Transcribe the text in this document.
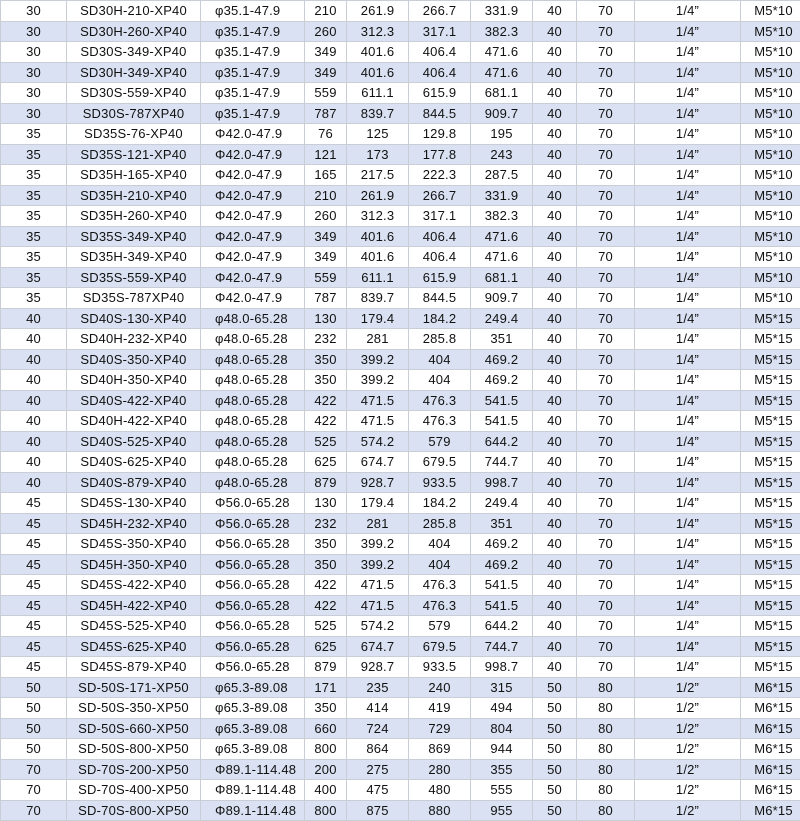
30	SD30H-210-XP40	φ35.1-47.9	210	261.9	266.7	331.9	40	70	1/4”	M5*10	
30	SD30H-260-XP40	φ35.1-47.9	260	312.3	317.1	382.3	40	70	1/4”	M5*10	
30	SD30S-349-XP40	φ35.1-47.9	349	401.6	406.4	471.6	40	70	1/4”	M5*10	
30	SD30H-349-XP40	φ35.1-47.9	349	401.6	406.4	471.6	40	70	1/4”	M5*10	
30	SD30S-559-XP40	φ35.1-47.9	559	611.1	615.9	681.1	40	70	1/4”	M5*10	
30	SD30S-787XP40	φ35.1-47.9	787	839.7	844.5	909.7	40	70	1/4”	M5*10	
35	SD35S-76-XP40	Φ42.0-47.9	76	125	129.8	195	40	70	1/4”	M5*10	
35	SD35S-121-XP40	Φ42.0-47.9	121	173	177.8	243	40	70	1/4”	M5*10	
35	SD35H-165-XP40	Φ42.0-47.9	165	217.5	222.3	287.5	40	70	1/4”	M5*10	
35	SD35H-210-XP40	Φ42.0-47.9	210	261.9	266.7	331.9	40	70	1/4”	M5*10	
35	SD35H-260-XP40	Φ42.0-47.9	260	312.3	317.1	382.3	40	70	1/4”	M5*10	
35	SD35S-349-XP40	Φ42.0-47.9	349	401.6	406.4	471.6	40	70	1/4”	M5*10	
35	SD35H-349-XP40	Φ42.0-47.9	349	401.6	406.4	471.6	40	70	1/4”	M5*10	
35	SD35S-559-XP40	Φ42.0-47.9	559	611.1	615.9	681.1	40	70	1/4”	M5*10	
35	SD35S-787XP40	Φ42.0-47.9	787	839.7	844.5	909.7	40	70	1/4”	M5*10	
40	SD40S-130-XP40	φ48.0-65.28	130	179.4	184.2	249.4	40	70	1/4”	M5*15	
40	SD40H-232-XP40	φ48.0-65.28	232	281	285.8	351	40	70	1/4”	M5*15	
40	SD40S-350-XP40	φ48.0-65.28	350	399.2	404	469.2	40	70	1/4”	M5*15	
40	SD40H-350-XP40	φ48.0-65.28	350	399.2	404	469.2	40	70	1/4”	M5*15	
40	SD40S-422-XP40	φ48.0-65.28	422	471.5	476.3	541.5	40	70	1/4”	M5*15	
40	SD40H-422-XP40	φ48.0-65.28	422	471.5	476.3	541.5	40	70	1/4”	M5*15	
40	SD40S-525-XP40	φ48.0-65.28	525	574.2	579	644.2	40	70	1/4”	M5*15	
40	SD40S-625-XP40	φ48.0-65.28	625	674.7	679.5	744.7	40	70	1/4”	M5*15	
40	SD40S-879-XP40	φ48.0-65.28	879	928.7	933.5	998.7	40	70	1/4”	M5*15	
45	SD45S-130-XP40	Φ56.0-65.28	130	179.4	184.2	249.4	40	70	1/4”	M5*15	
45	SD45H-232-XP40	Φ56.0-65.28	232	281	285.8	351	40	70	1/4”	M5*15	
45	SD45S-350-XP40	Φ56.0-65.28	350	399.2	404	469.2	40	70	1/4”	M5*15	
45	SD45H-350-XP40	Φ56.0-65.28	350	399.2	404	469.2	40	70	1/4”	M5*15	
45	SD45S-422-XP40	Φ56.0-65.28	422	471.5	476.3	541.5	40	70	1/4”	M5*15	
45	SD45H-422-XP40	Φ56.0-65.28	422	471.5	476.3	541.5	40	70	1/4”	M5*15	
45	SD45S-525-XP40	Φ56.0-65.28	525	574.2	579	644.2	40	70	1/4”	M5*15	
45	SD45S-625-XP40	Φ56.0-65.28	625	674.7	679.5	744.7	40	70	1/4”	M5*15	
45	SD45S-879-XP40	Φ56.0-65.28	879	928.7	933.5	998.7	40	70	1/4”	M5*15	
50	SD-50S-171-XP50	φ65.3-89.08	171	235	240	315	50	80	1/2”	M6*15	
50	SD-50S-350-XP50	φ65.3-89.08	350	414	419	494	50	80	1/2”	M6*15	
50	SD-50S-660-XP50	φ65.3-89.08	660	724	729	804	50	80	1/2”	M6*15	
50	SD-50S-800-XP50	φ65.3-89.08	800	864	869	944	50	80	1/2”	M6*15	
70	SD-70S-200-XP50	Φ89.1-114.48	200	275	280	355	50	80	1/2”	M6*15	
70	SD-70S-400-XP50	Φ89.1-114.48	400	475	480	555	50	80	1/2”	M6*15	
70	SD-70S-800-XP50	Φ89.1-114.48	800	875	880	955	50	80	1/2”	M6*15	
